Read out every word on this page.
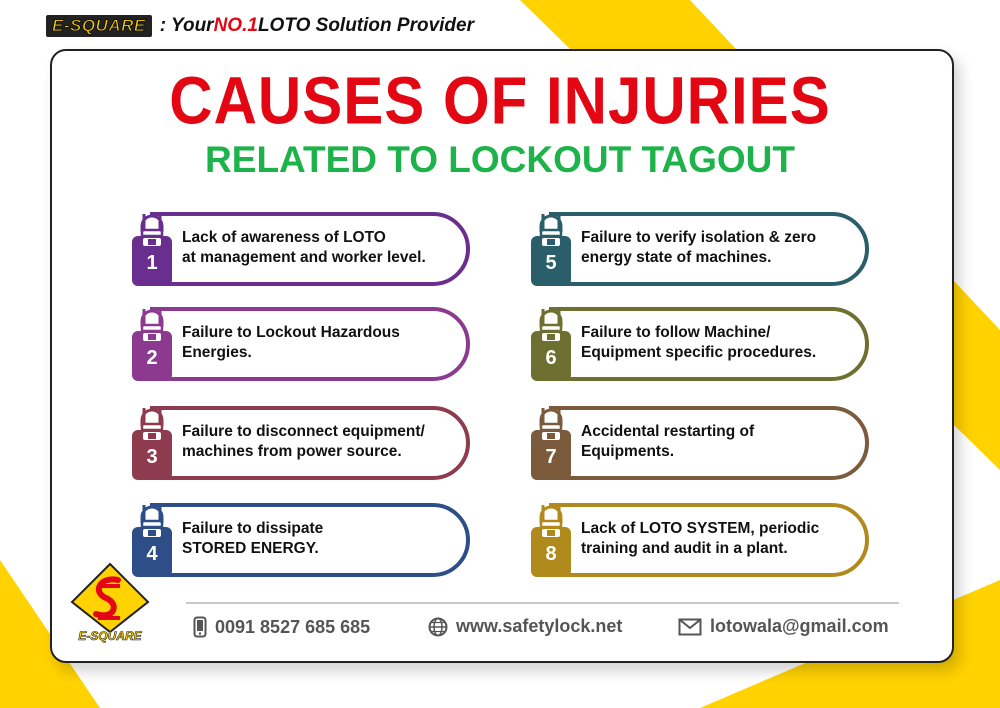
E-SQUARE : Your NO.1 LOTO Solution Provider
CAUSES OF INJURIES
RELATED TO LOCKOUT TAGOUT
1
Lack of awareness of LOTO
at management and worker level.
2
Failure to Lockout Hazardous
Energies.
3
Failure to disconnect equipment/
machines from power source.
4
Failure to dissipate
STORED ENERGY.
5
Failure to verify isolation & zero
energy state of machines.
6
Failure to follow Machine/
Equipment specific procedures.
7
Accidental restarting of
Equipments.
8
Lack of LOTO SYSTEM, periodic
training and audit in a plant.
E-SQUARE	0091 8527 685 685	www.safetylock.net	lotowala@gmail.com
